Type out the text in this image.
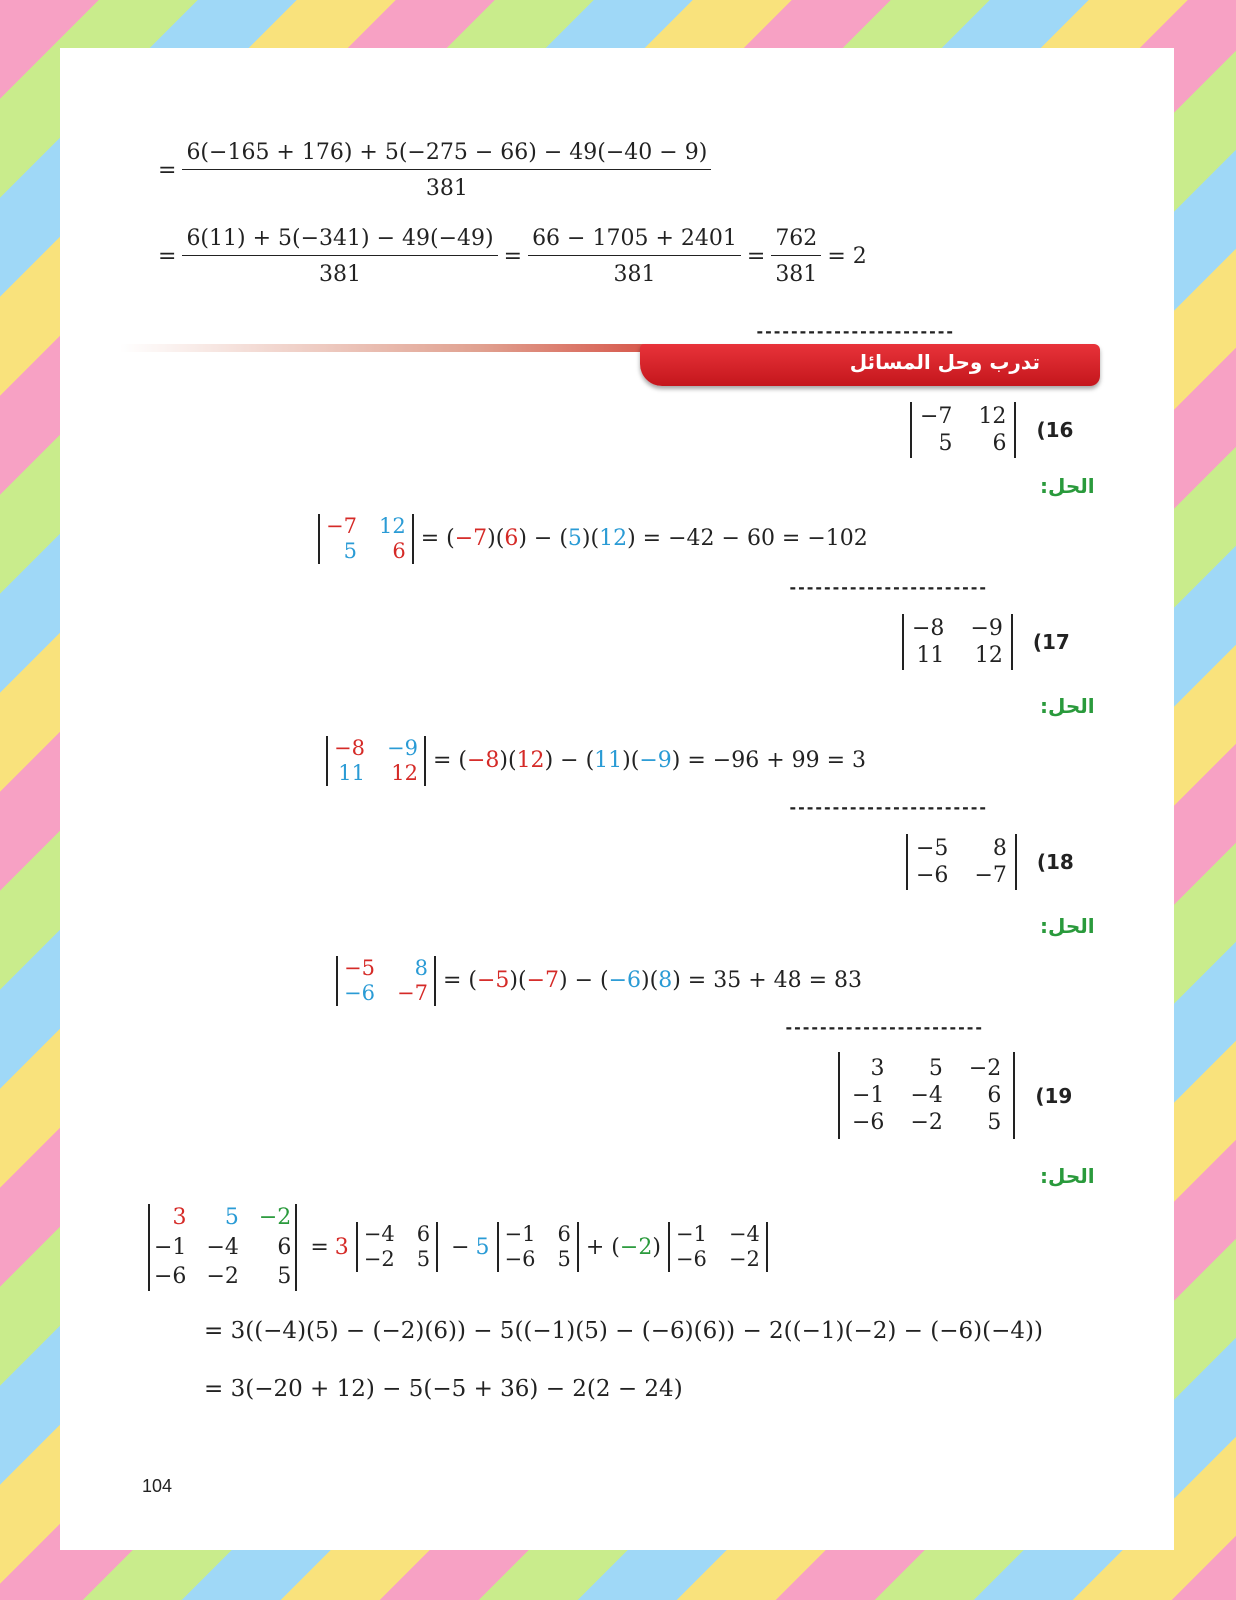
= $\frac{6(-165 + 176) + 5(-275 - 66) - 49(-40 - 9)}{381}$
= $\frac{6(11) + 5(-341) - 49(-49)}{381} = \frac{66 - 1705 + 2401}{381} = \frac{762}{381} = 2$
-----------------------
تدرب وحل المسائل
−7 12
5	6
(16
الحل:
−7 12
5	6 = (−7)(6) − (5)(12) = −42 − 60 = −102
-----------------------
−8 −9
11 12
(17
الحل:
−8 −9
11 12 = (−8)(12) − (11)(−9) = −96 + 99 = 3
-----------------------
−5	8
−6 −7
(18
الحل:
−5	8
−6 −7 = (−5)(−7) − (−6)(8) = 35 + 48 = 83
-----------------------
3	5 −2
−1 −4	6
−6 −2	5
(19
الحل:
3	5 −2
−1 −4	6
−6 −2	5
= 3
−4 6
−2 5 − 5
−1 6
−6 5 + (−2)
−1 −4
−6 −2
= 3((−4)(5) − (−2)(6)) − 5((−1)(5) − (−6)(6)) − 2((−1)(−2) − (−6)(−4))
= 3(−20 + 12) − 5(−5 + 36) − 2(2 − 24)
104
